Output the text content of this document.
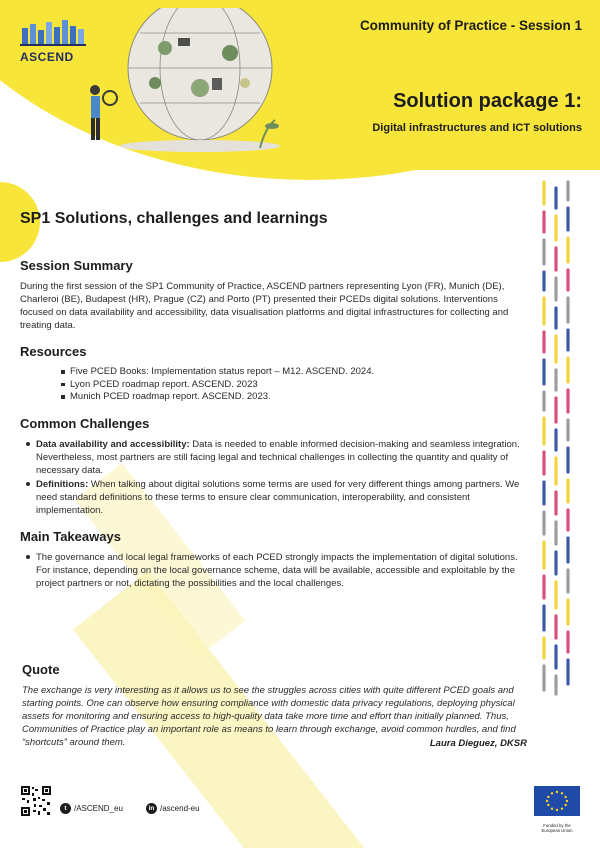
ASCEND
Community of Practice - Session 1
Solution package 1:
Digital infrastructures and ICT solutions
SP1 Solutions, challenges and learnings
Session Summary

During the first session of the SP1 Community of Practice, ASCEND partners representing Lyon (FR), Munich (DE), Charleroi (BE), Budapest (HR), Prague (CZ) and Porto (PT) presented their PCEDs digital solutions. Interventions focused on data availability and accessibility, data visualisation platforms and digital infrastructures for collecting and treating data.

Resources
Five PCED Books: Implementation status report – M12. ASCEND. 2024.
Lyon PCED roadmap report. ASCEND. 2023
Munich PCED roadmap report. ASCEND. 2023.
Common Challenges
Data availability and accessibility: Data is needed to enable informed decision-making and seamless integration. Nevertheless, most partners are still facing legal and technical challenges in collecting the quantity and quality of necessary data.
Definitions: When talking about digital solutions some terms are used for very different things among partners. We need standard definitions to these terms to ensure clear communication, interoperability, and consistent implementation.
Main Takeaways
The governance and local legal frameworks of each PCED strongly impacts the implementation of digital solutions. For instance, depending on the local governance scheme, data will be available, accessible and exploitable by the project partners or not, dictating the possibilities and the local challenges.
Quote

The exchange is very interesting as it allows us to see the struggles across cities with quite different PCED goals and starting points. One can observe how ensuring compliance with domestic data privacy regulations, deploying physical assets for monitoring and ensuring access to high-quality data take more time and effort than initially planned. Thus, Communities of Practice play an important role as means to learn through exchange, avoid common hurdles, and find “shortcuts” around them.	Laura Dieguez, DKSR
t /ASCEND_eu	in /ascend-eu
Funded by the European Union
